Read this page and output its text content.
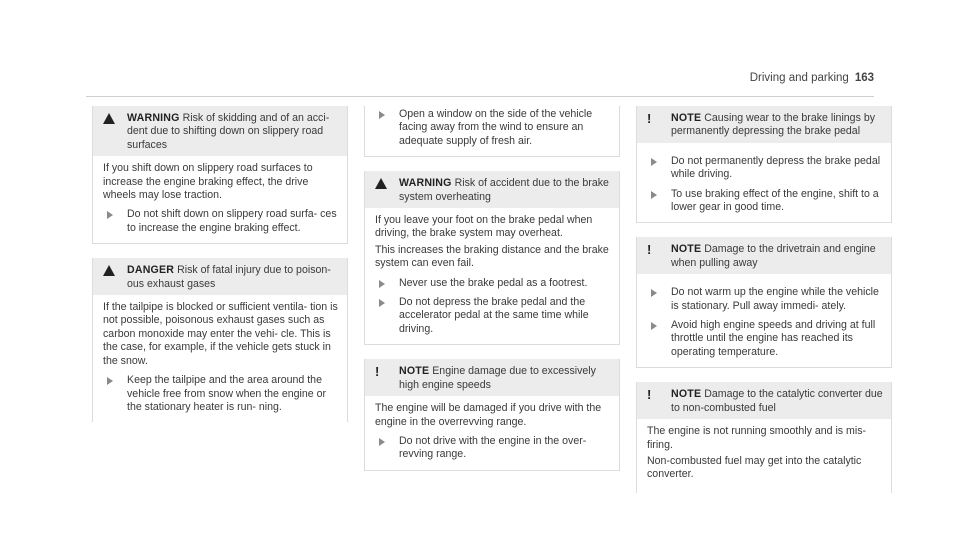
Driving and parking 163
WARNING Risk of skidding and of an acci- dent due to shifting down on slippery road surfaces

If you shift down on slippery road surfaces to increase the engine braking effect, the drive wheels may lose traction.

Do not shift down on slippery road surfa- ces to increase the engine braking effect.
DANGER Risk of fatal injury due to poison- ous exhaust gases

If the tailpipe is blocked or sufficient ventila- tion is not possible, poisonous exhaust gases such as carbon monoxide may enter the vehi- cle. This is the case, for example, if the vehicle gets stuck in the snow.

Keep the tailpipe and the area around the vehicle free from snow when the engine or the stationary heater is run- ning.
Open a window on the side of the vehicle facing away from the wind to ensure an adequate supply of fresh air.
WARNING Risk of accident due to the brake system overheating

If you leave your foot on the brake pedal when driving, the brake system may overheat.

This increases the braking distance and the brake system can even fail.

Never use the brake pedal as a footrest.
Do not depress the brake pedal and the accelerator pedal at the same time while driving.
!	NOTE Engine damage due to excessively high engine speeds

The engine will be damaged if you drive with the engine in the overrevving range.

Do not drive with the engine in the over- revving range.
!	NOTE Causing wear to the brake linings by permanently depressing the brake pedal
Do not permanently depress the brake pedal while driving.
To use braking effect of the engine, shift to a lower gear in good time.
!	NOTE Damage to the drivetrain and engine when pulling away
Do not warm up the engine while the vehicle is stationary. Pull away immedi- ately.
Avoid high engine speeds and driving at full throttle until the engine has reached its operating temperature.
!	NOTE Damage to the catalytic converter due to non-combusted fuel

The engine is not running smoothly and is mis- firing.

Non-combusted fuel may get into the catalytic converter.
